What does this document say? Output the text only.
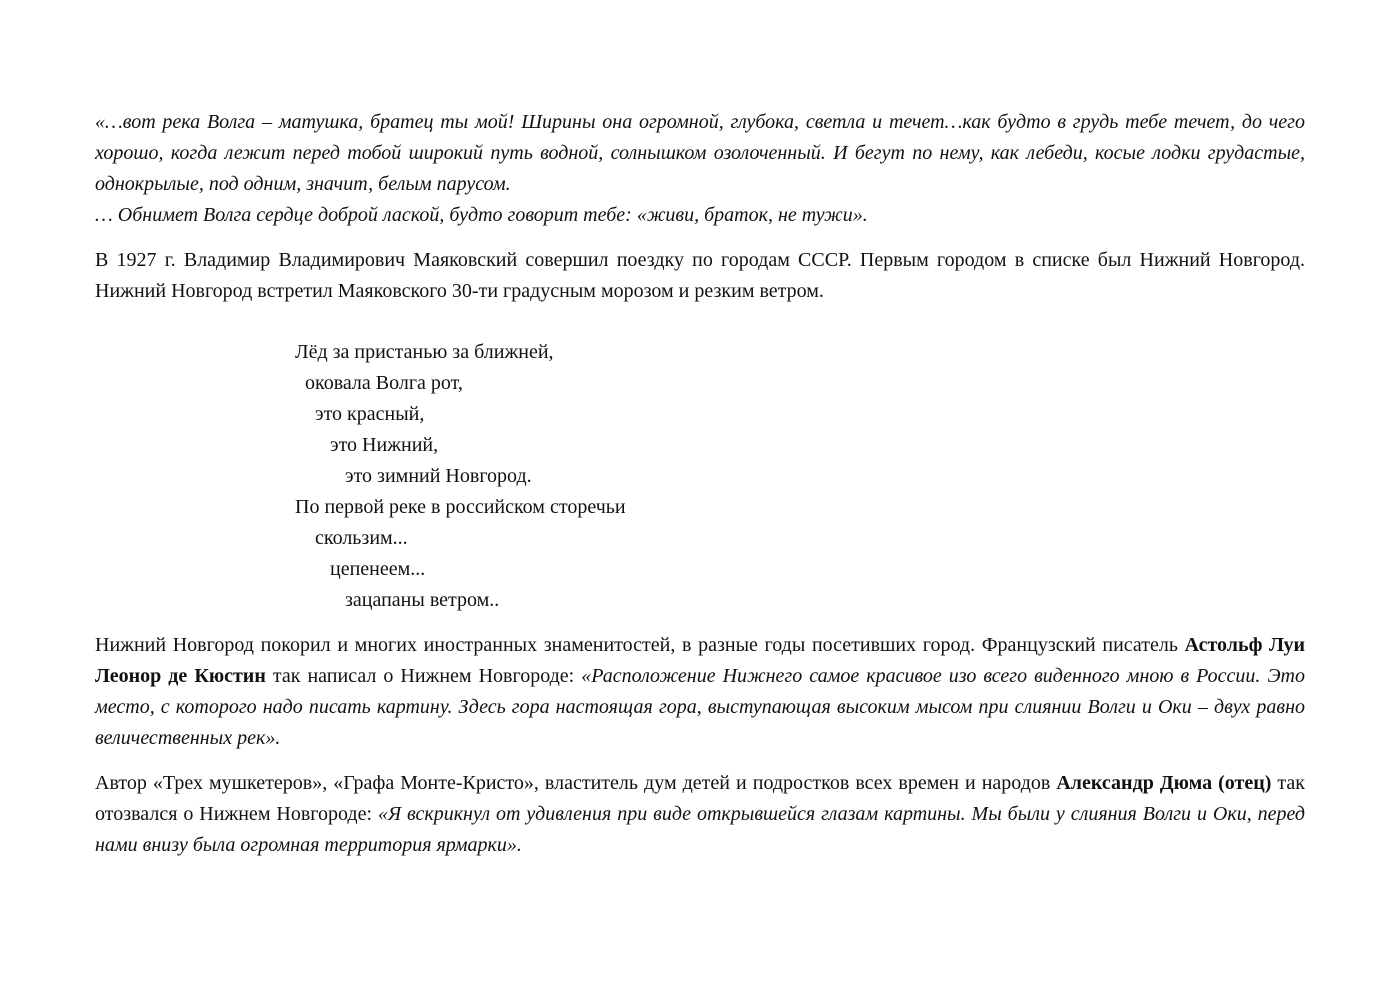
«…вот река Волга – матушка, братец ты мой! Ширины она огромной, глубока, светла и течет…как будто в грудь тебе течет, до чего хорошо, когда лежит перед тобой широкий путь водной, солнышком озолоченный. И бегут по нему, как лебеди, косые лодки грудастые, однокрылые, под одним, значит, белым парусом.

… Обнимет Волга сердце доброй лаской, будто говорит тебе: «живи, браток, не тужи».

В 1927 г. Владимир Владимирович Маяковский совершил поездку по городам СССР. Первым городом в списке был Нижний Новгород. Нижний Новгород встретил Маяковского 30-ти градусным морозом и резким ветром.

Лёд за пристанью за ближней,
оковала Волга рот,
это красный,
это Нижний,
это зимний Новгород.
По первой реке в российском сторечьи
скользим...
цепенеем...
зацапаны ветром..

Нижний Новгород покорил и многих иностранных знаменитостей, в разные годы посетивших город. Французский писатель Астольф Луи Леонор де Кюстин так написал о Нижнем Новгороде: «Расположение Нижнего самое красивое изо всего виденного мною в России. Это место, с которого надо писать картину. Здесь гора настоящая гора, выступающая высоким мысом при слиянии Волги и Оки – двух равно величественных рек».

Автор «Трех мушкетеров», «Графа Монте-Кристо», властитель дум детей и подростков всех времен и народов Александр Дюма (отец) так отозвался о Нижнем Новгороде: «Я вскрикнул от удивления при виде открывшейся глазам картины. Мы были у слияния Волги и Оки, перед нами внизу была огромная территория ярмарки».
